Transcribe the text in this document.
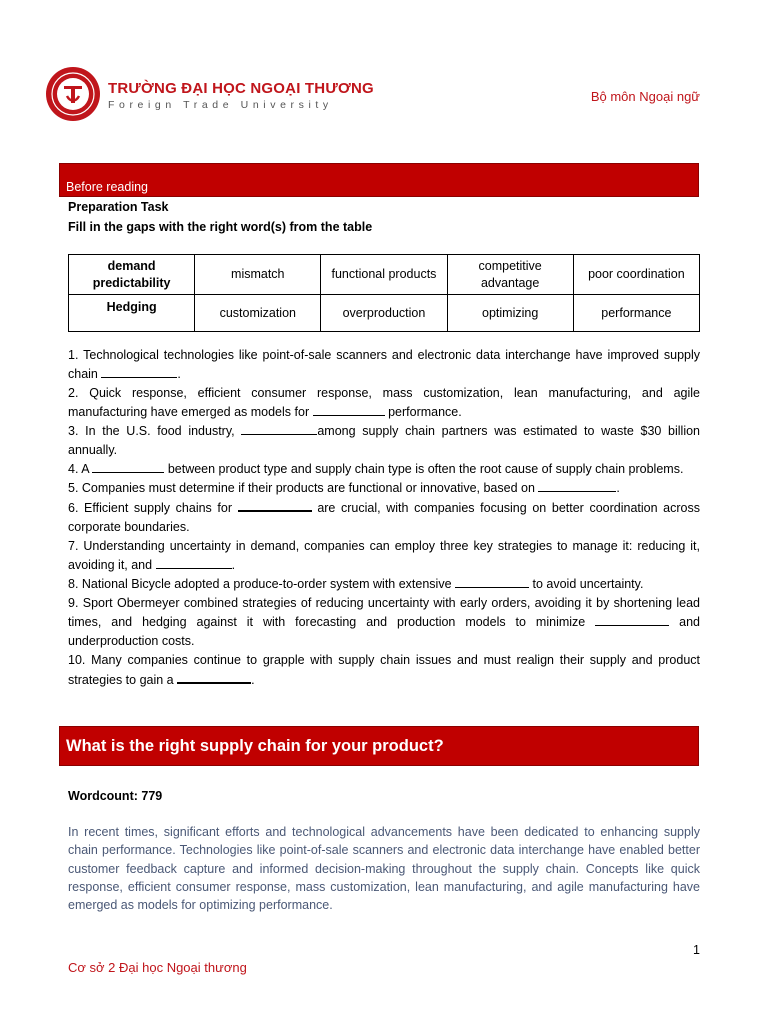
TRƯỜNG ĐẠI HỌC NGOẠI THƯƠNG
Foreign Trade University
Bộ môn Ngoại ngữ
Before reading
Preparation Task
Fill in the gaps with the right word(s) from the table
demand predictability	mismatch	functional products	competitive advantage	poor coordination
Hedging	customization	overproduction	optimizing	performance

1. Technological technologies like point-of-sale scanners and electronic data interchange have improved supply chain	.

2. Quick response, efficient consumer response, mass customization, lean manufacturing, and agile manufacturing have emerged as models for	performance.

3. In the U.S. food industry,	among supply chain partners was estimated to waste $30 billion annually.

4. A	between product type and supply chain type is often the root cause of supply chain problems.

5. Companies must determine if their products are functional or innovative, based on	.

6. Efficient supply chains for	are crucial, with companies focusing on better coordination across corporate boundaries.

7. Understanding uncertainty in demand, companies can employ three key strategies to manage it: reducing it, avoiding it, and	.

8. National Bicycle adopted a produce-to-order system with extensive	to avoid uncertainty.

9. Sport Obermeyer combined strategies of reducing uncertainty with early orders, avoiding it by shortening lead times, and hedging against it with forecasting and production models to minimize	and underproduction costs.

10. Many companies continue to grapple with supply chain issues and must realign their supply and product strategies to gain a	.

What is the right supply chain for your product?
Wordcount: 779
In recent times, significant efforts and technological advancements have been dedicated to enhancing supply chain performance. Technologies like point-of-sale scanners and electronic data interchange have enabled better customer feedback capture and informed decision-making throughout the supply chain. Concepts like quick response, efficient consumer response, mass customization, lean manufacturing, and agile manufacturing have emerged as models for optimizing performance.
1
Cơ sở 2 Đại học Ngoại thương
